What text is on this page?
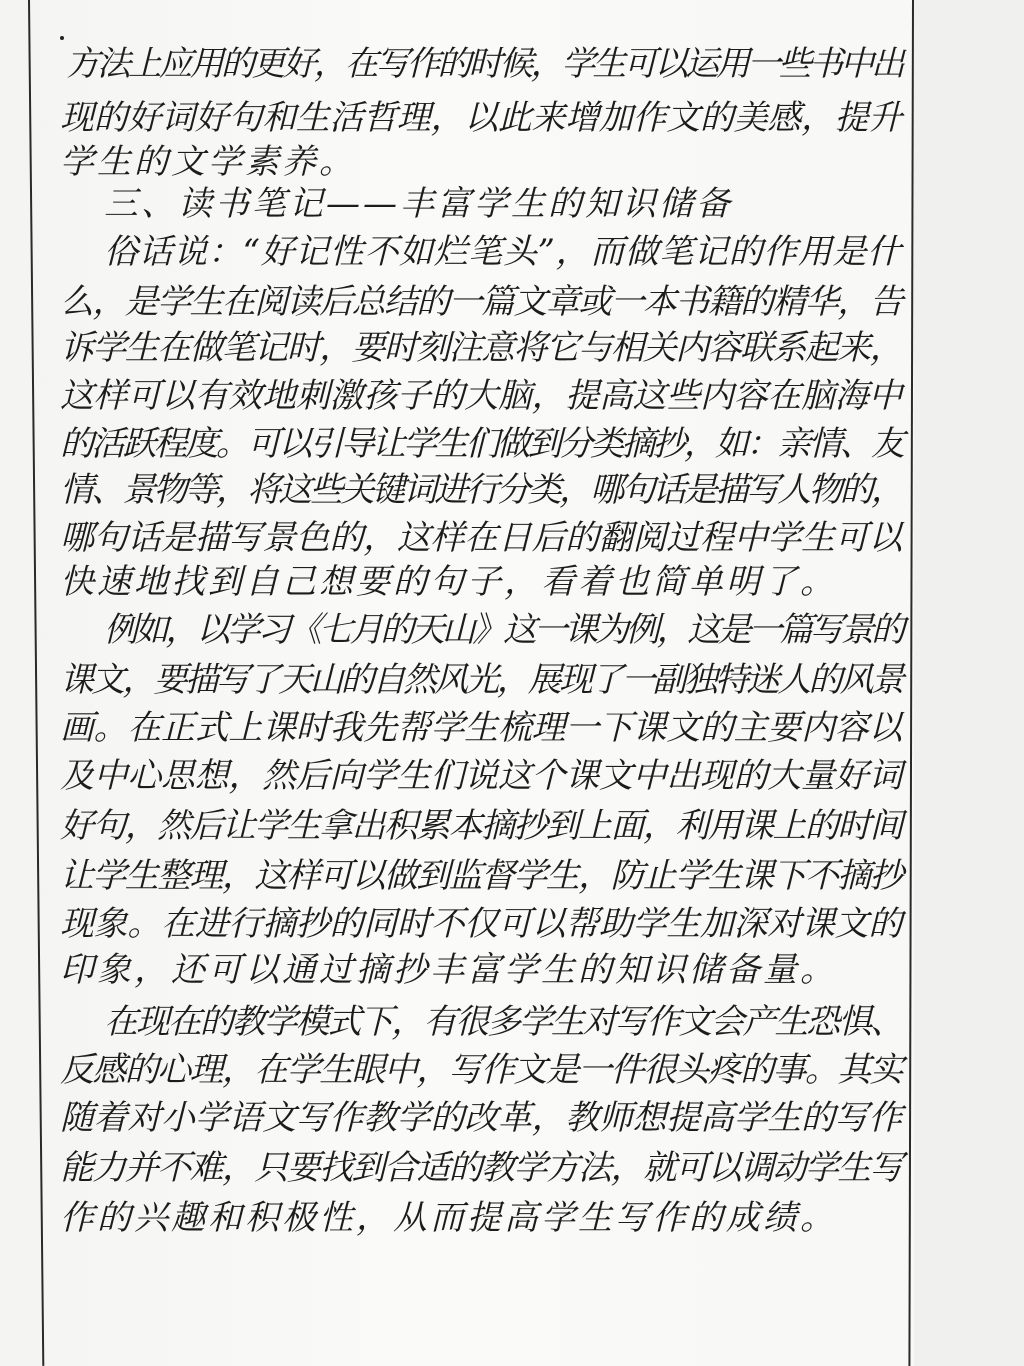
方法上应用的更好，在写作的时候，学生可以运用一些书中出
现的好词好句和生活哲理，以此来增加作文的美感，提升
学生的文学素养。
三、读书笔记——丰富学生的知识储备
俗话说：“好记性不如烂笔头”，而做笔记的作用是什
么，是学生在阅读后总结的一篇文章或一本书籍的精华，告
诉学生在做笔记时，要时刻注意将它与相关内容联系起来，
这样可以有效地刺激孩子的大脑，提高这些内容在脑海中
的活跃程度。可以引导让学生们做到分类摘抄，如：亲情、友
情、景物等，将这些关键词进行分类，哪句话是描写人物的，
哪句话是描写景色的，这样在日后的翻阅过程中学生可以
快速地找到自己想要的句子，看着也简单明了。
例如，以学习《七月的天山》这一课为例，这是一篇写景的
课文，要描写了天山的自然风光，展现了一副独特迷人的风景
画。在正式上课时我先帮学生梳理一下课文的主要内容以
及中心思想，然后向学生们说这个课文中出现的大量好词
好句，然后让学生拿出积累本摘抄到上面，利用课上的时间
让学生整理，这样可以做到监督学生，防止学生课下不摘抄
现象。在进行摘抄的同时不仅可以帮助学生加深对课文的
印象，还可以通过摘抄丰富学生的知识储备量。
在现在的教学模式下，有很多学生对写作文会产生恐惧、
反感的心理，在学生眼中，写作文是一件很头疼的事。其实
随着对小学语文写作教学的改革，教师想提高学生的写作
能力并不难，只要找到合适的教学方法，就可以调动学生写
作的兴趣和积极性，从而提高学生写作的成绩。
